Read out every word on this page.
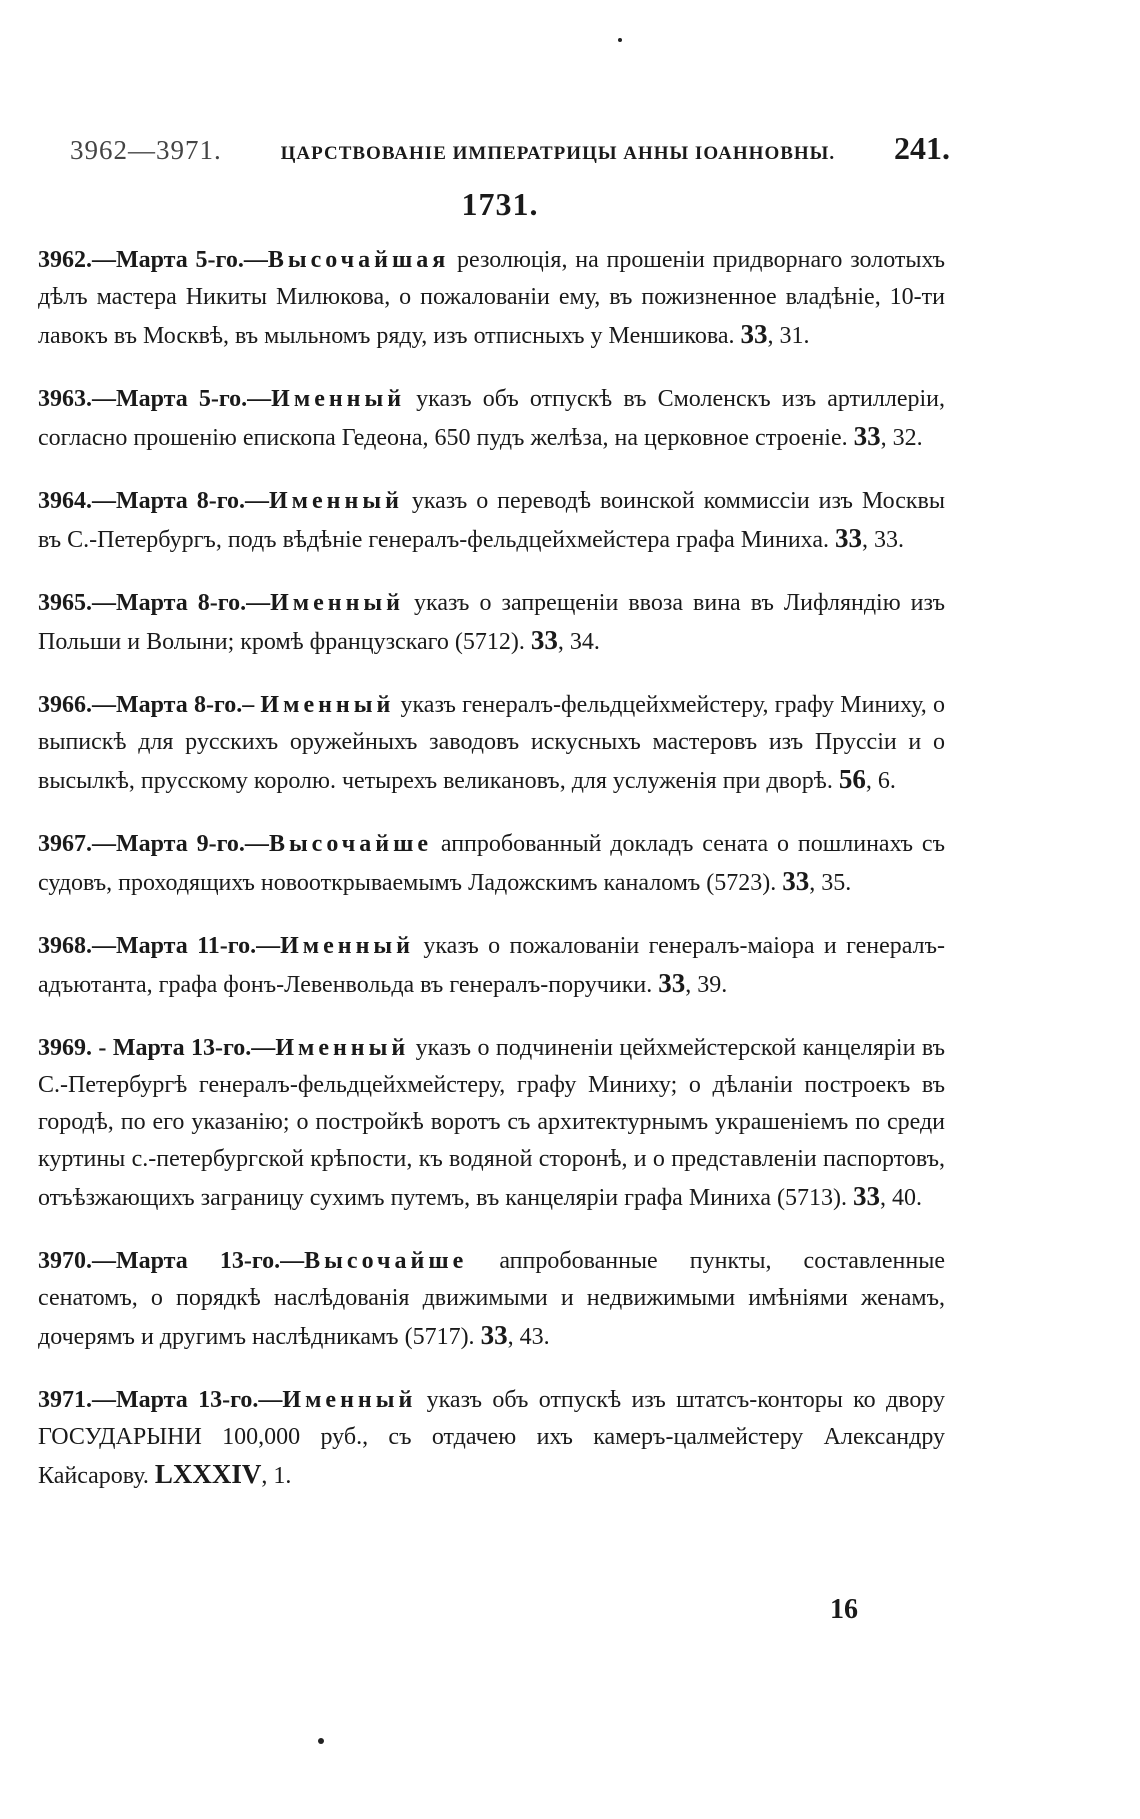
3962—3971.	ЦАРСТВОВАНІЕ ИМПЕРАТРИЦЫ АННЫ ІОАННОВНЫ. 241.
1731.

3962.—Марта 5-го.—Высочайшая резолюція, на прошеніи придворнаго золотыхъ дѣлъ мастера Никиты Милюкова, о пожалованіи ему, въ пожизненное владѣніе, 10-ти лавокъ въ Москвѣ, въ мыльномъ ряду, изъ отписныхъ у Меншикова. 33, 31.

3963.—Марта 5-го.—Именный указъ объ отпускѣ въ Смоленскъ изъ артиллеріи, согласно прошенію епископа Гедеона, 650 пудъ желѣза, на церковное строеніе. 33, 32.

3964.—Марта 8-го.—Именный указъ о переводѣ воинской коммиссіи изъ Москвы въ С.-Петербургъ, подъ вѣдѣніе генералъ-фельдцейхмейстера графа Миниха. 33, 33.

3965.—Марта 8-го.—Именный указъ о запрещеніи ввоза вина въ Лифляндію изъ Польши и Волыни; кромѣ французскаго (5712). 33, 34.

3966.—Марта 8-го.– Именный указъ генералъ-фельдцейхмейстеру, графу Миниху, о выпискѣ для русскихъ оружейныхъ заводовъ искусныхъ мастеровъ изъ Пруссіи и о высылкѣ, прусскому королю. четырехъ великановъ, для услуженія при дворѣ. 56, 6.

3967.—Марта 9-го.—Высочайше аппробованный докладъ сената о пошлинахъ съ судовъ, проходящихъ новооткрываемымъ Ладожскимъ каналомъ (5723). 33, 35.

3968.—Марта 11-го.—Именный указъ о пожалованіи генералъ-маіора и генералъ-адъютанта, графа фонъ-Левенвольда въ генералъ-поручики. 33, 39.

3969. - Марта 13-го.—Именный указъ о подчиненіи цейхмейстерской канцеляріи въ С.-Петербургѣ генералъ-фельдцейхмейстеру, графу Миниху; о дѣланіи построекъ въ городѣ, по его указанію; о постройкѣ воротъ съ архитектурнымъ украшеніемъ по среди куртины с.-петербургской крѣпости, къ водяной сторонѣ, и о представленіи паспортовъ, отъѣзжающихъ заграницу сухимъ путемъ, въ канцеляріи графа Миниха (5713). 33, 40.

3970.—Марта 13-го.—Высочайше аппробованные пункты, составленные сенатомъ, о порядкѣ наслѣдованія движимыми и недвижимыми имѣніями женамъ, дочерямъ и другимъ наслѣдникамъ (5717). 33, 43.

3971.—Марта 13-го.—Именный указъ объ отпускѣ изъ штатсъ-конторы ко двору ГОСУДАРЫНИ 100,000 руб., съ отдачею ихъ камеръ-цалмейстеру Александру Кайсарову. LXXXIV, 1.

16
